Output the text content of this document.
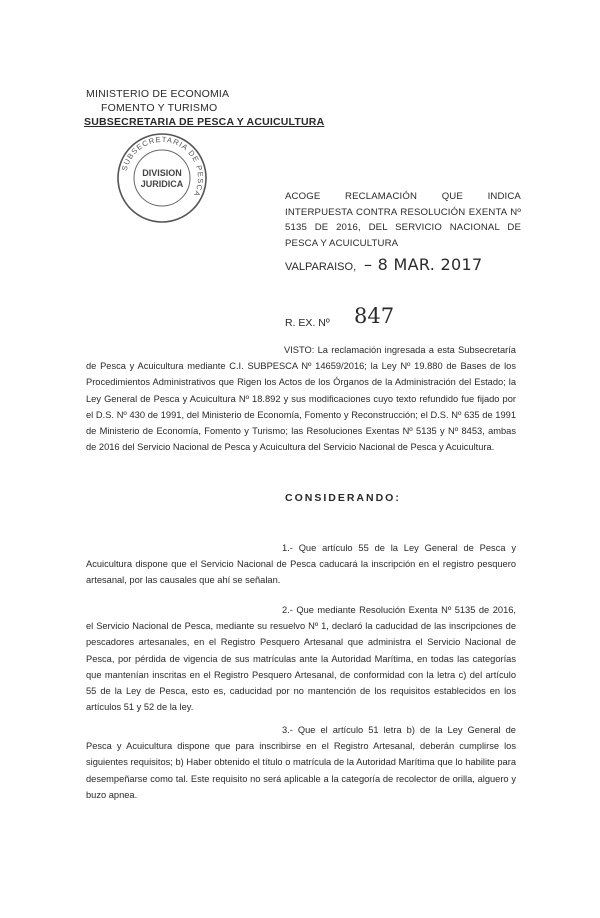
MINISTERIO DE ECONOMIA
FOMENTO Y TURISMO
SUBSECRETARIA DE PESCA Y ACUICULTURA
SUBSECRETARIA DE PESCA
DIVISION
JURIDICA
ACOGE RECLAMACIÓN QUE INDICA INTERPUESTA CONTRA RESOLUCIÓN EXENTA Nº 5135 DE 2016, DEL SERVICIO NACIONAL DE PESCA Y ACUICULTURA
VALPARAISO, – 8 MAR. 2017
R. EX. Nº 847
VISTO: La reclamación ingresada a esta Subsecretaría de Pesca y Acuicultura mediante C.I. SUBPESCA Nº 14659/2016; la Ley Nº 19.880 de Bases de los Procedimientos Administrativos que Rigen los Actos de los Órganos de la Administración del Estado; la Ley General de Pesca y Acuicultura Nº 18.892 y sus modificaciones cuyo texto refundido fue fijado por el D.S. Nº 430 de 1991, del Ministerio de Economía, Fomento y Reconstrucción; el D.S. Nº 635 de 1991 de Ministerio de Economía, Fomento y Turismo; las Resoluciones Exentas Nº 5135 y Nº 8453, ambas de 2016 del Servicio Nacional de Pesca y Acuicultura del Servicio Nacional de Pesca y Acuicultura.
CONSIDERANDO:
1.- Que artículo 55 de la Ley General de Pesca y Acuicultura dispone que el Servicio Nacional de Pesca caducará la inscripción en el registro pesquero artesanal, por las causales que ahí se señalan.
2.- Que mediante Resolución Exenta Nº 5135 de 2016, el Servicio Nacional de Pesca, mediante su resuelvo Nº 1, declaró la caducidad de las inscripciones de pescadores artesanales, en el Registro Pesquero Artesanal que administra el Servicio Nacional de Pesca, por pérdida de vigencia de sus matrículas ante la Autoridad Marítima, en todas las categorías que mantenían inscritas en el Registro Pesquero Artesanal, de conformidad con la letra c) del artículo 55 de la Ley de Pesca, esto es, caducidad por no mantención de los requisitos establecidos en los artículos 51 y 52 de la ley.
3.- Que el artículo 51 letra b) de la Ley General de Pesca y Acuicultura dispone que para inscribirse en el Registro Artesanal, deberán cumplirse los siguientes requisitos; b) Haber obtenido el título o matrícula de la Autoridad Marítima que lo habilite para desempeñarse como tal. Este requisito no será aplicable a la categoría de recolector de orilla, alguero y buzo apnea.
